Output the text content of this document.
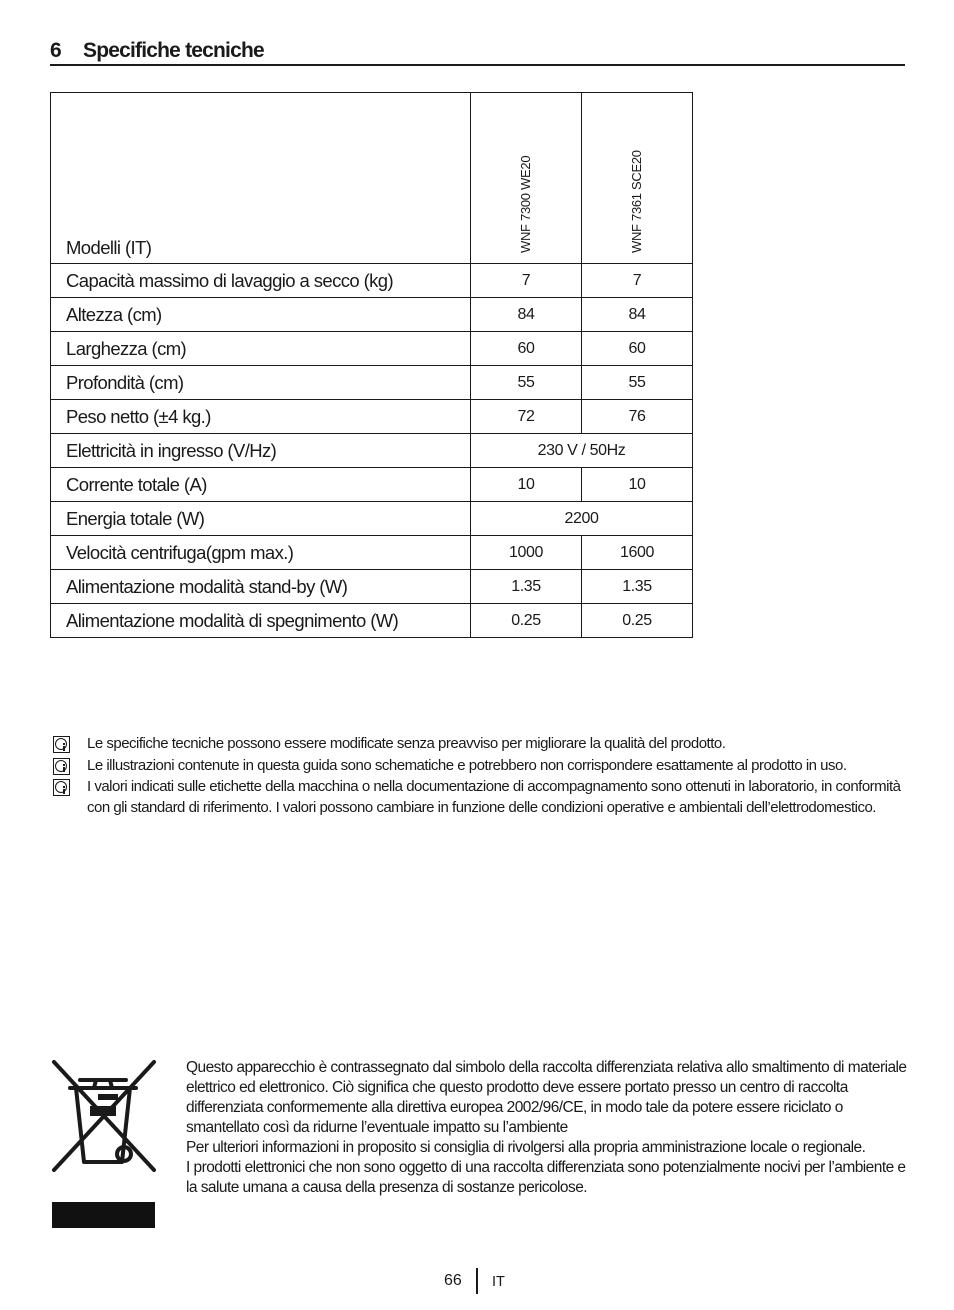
6 Specifiche tecniche
Modelli (IT)	WNF 7300 WE20	WNF 7361 SCE20

Capacità massimo di lavaggio a secco (kg)	7	7
Altezza (cm)	84	84
Larghezza (cm)	60	60
Profondità (cm)	55	55
Peso netto (±4 kg.)	72	76
Elettricità in ingresso (V/Hz)	230 V / 50Hz	
Corrente totale (A)	10	10
Energia totale (W)	2200	
Velocità centrifuga(gpm max.)	1000	1600
Alimentazione modalità stand-by (W)	1.35	1.35
Alimentazione modalità di spegnimento (W)	0.25	0.25
Le specifiche tecniche possono essere modificate senza preavviso per migliorare la qualità del prodotto.
Le illustrazioni contenute in questa guida sono schematiche e potrebbero non corrispondere esattamente al prodotto in uso.
I valori indicati sulle etichette della macchina o nella documentazione di accompagnamento sono ottenuti in laboratorio, in conformità con gli standard di riferimento. I valori possono cambiare in funzione delle condizioni operative e ambientali dell’elettrodomestico.

Questo apparecchio è contrassegnato dal simbolo della raccolta differenziata relativa allo smaltimento di materiale elettrico ed elettronico. Ciò significa che questo prodotto deve essere portato presso un centro di raccolta differenziata conformemente alla direttiva europea 2002/96/CE, in modo tale da potere essere riciclato o smantellato così da ridurne l’eventuale impatto su l’ambiente

Per ulteriori informazioni in proposito si consiglia di rivolgersi alla propria amministrazione locale o regionale.

I prodotti elettronici che non sono oggetto di una raccolta differenziata sono potenzialmente nocivi per l’ambiente e la salute umana a causa della presenza di sostanze pericolose.

66 IT
